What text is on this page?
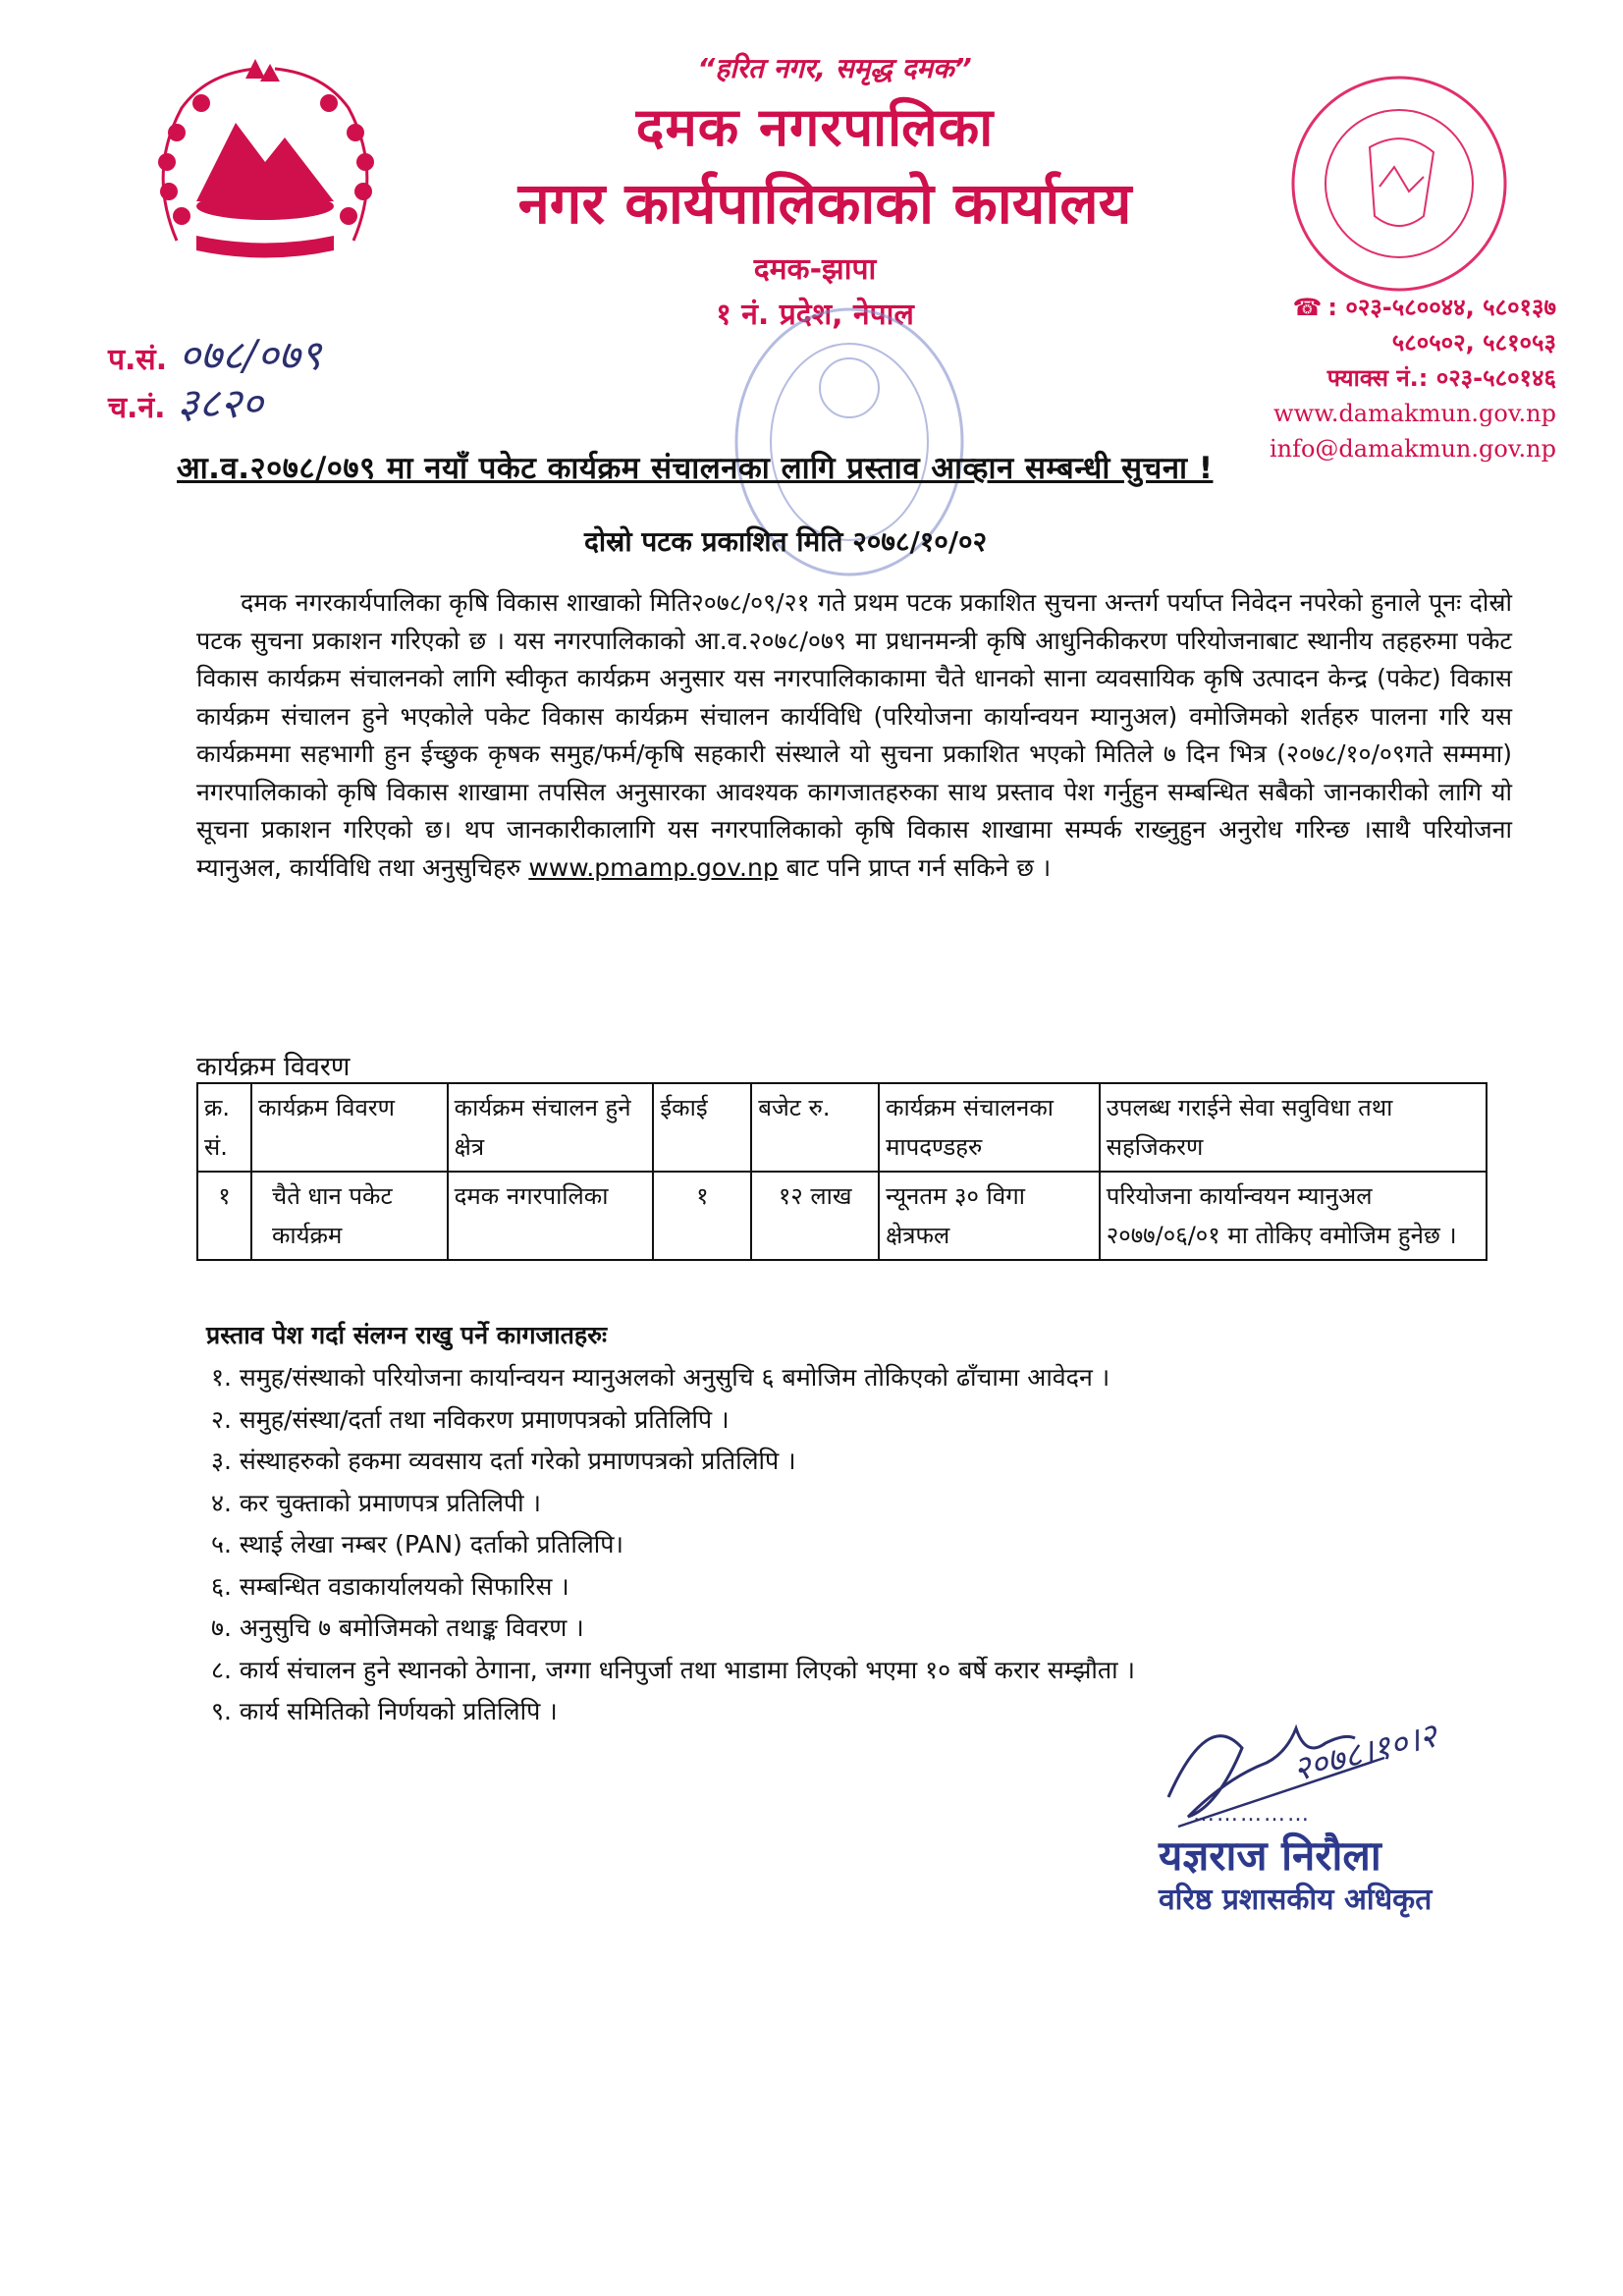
“हरित नगर, समृद्ध दमक”
दमक नगरपालिका
नगर कार्यपालिकाको कार्यालय
दमक-झापा
१ नं. प्रदेश, नेपाल	☎ : ०२३-५८००४४, ५८०१३७
५८०५०२, ५८१०५३
फ्याक्स नं.: ०२३-५८०१४६
www.damakmun.gov.np
info@damakmun.gov.np
प.सं. ०७८/०७९
च.नं. ३८२०
आ.व.२०७८/०७९ मा नयाँ पकेट कार्यक्रम संचालनका लागि प्रस्ताव आव्हान सम्बन्धी सुचना !
दोस्रो पटक प्रकाशित मिति २०७८/१०/०२
दमक नगरकार्यपालिका कृषि विकास शाखाको मिति२०७८/०९/२१ गते प्रथम पटक प्रकाशित सुचना अन्तर्ग पर्याप्त निवेदन नपरेको हुनाले पूनः दोस्रो पटक सुचना प्रकाशन गरिएको छ । यस नगरपालिकाको आ.व.२०७८/०७९ मा प्रधानमन्त्री कृषि आधुनिकीकरण परियोजनाबाट स्थानीय तहहरुमा पकेट विकास कार्यक्रम संचालनको लागि स्वीकृत कार्यक्रम अनुसार यस नगरपालिकाकामा चैते धानको साना व्यवसायिक कृषि उत्पादन केन्द्र (पकेट) विकास कार्यक्रम संचालन हुने भएकोले पकेट विकास कार्यक्रम संचालन कार्यविधि (परियोजना कार्यान्वयन म्यानुअल) वमोजिमको शर्तहरु पालना गरि यस कार्यक्रममा सहभागी हुन ईच्छुक कृषक समुह/फर्म/कृषि सहकारी संस्थाले यो सुचना प्रकाशित भएको मितिले ७ दिन भित्र (२०७८/१०/०९गते सम्ममा) नगरपालिकाको कृषि विकास शाखामा तपसिल अनुसारका आवश्यक कागजातहरुका साथ प्रस्ताव पेश गर्नुहुन सम्बन्धित सबैको जानकारीको लागि यो सूचना प्रकाशन गरिएको छ। थप जानकारीकालागि यस नगरपालिकाको कृषि विकास शाखामा सम्पर्क राख्नुहुन अनुरोध गरिन्छ ।साथै परियोजना म्यानुअल, कार्यविधि तथा अनुसुचिहरु www.pmamp.gov.np बाट पनि प्राप्त गर्न सकिने छ ।
कार्यक्रम विवरण
क्र. सं.	कार्यक्रम विवरण	कार्यक्रम संचालन हुने क्षेत्र	ईकाई	बजेट रु.	कार्यक्रम संचालनका मापदण्डहरु	उपलब्ध गराईने सेवा सवुविधा तथा सहजिकरण
१	चैते धान पकेट कार्यक्रम	दमक नगरपालिका	१	१२ लाख	न्यूनतम ३० विगा क्षेत्रफल	परियोजना कार्यान्वयन म्यानुअल २०७७/०६/०१ मा तोकिए वमोजिम हुनेछ ।
प्रस्ताव पेश गर्दा संलग्न राखु पर्ने कागजातहरुः
१. समुह/संस्थाको परियोजना कार्यान्वयन म्यानुअलको अनुसुचि ६ बमोजिम तोकिएको ढाँचामा आवेदन ।
२. समुह/संस्था/दर्ता तथा नविकरण प्रमाणपत्रको प्रतिलिपि ।
३. संस्थाहरुको हकमा व्यवसाय दर्ता गरेको प्रमाणपत्रको प्रतिलिपि ।
४. कर चुक्ताको प्रमाणपत्र प्रतिलिपी ।
५. स्थाई लेखा नम्बर (PAN) दर्ताको प्रतिलिपि।
६. सम्बन्धित वडाकार्यालयको सिफारिस ।
७. अनुसुचि ७ बमोजिमको तथाङ्क विवरण ।
८. कार्य संचालन हुने स्थानको ठेगाना, जग्गा धनिपुर्जा तथा भाडामा लिएको भएमा १० बर्षे करार सम्झौता ।
९. कार्य समितिको निर्णयको प्रतिलिपि ।
२०७८।१०।२
……………
यज्ञराज निरौला
वरिष्ठ प्रशासकीय अधिकृत
